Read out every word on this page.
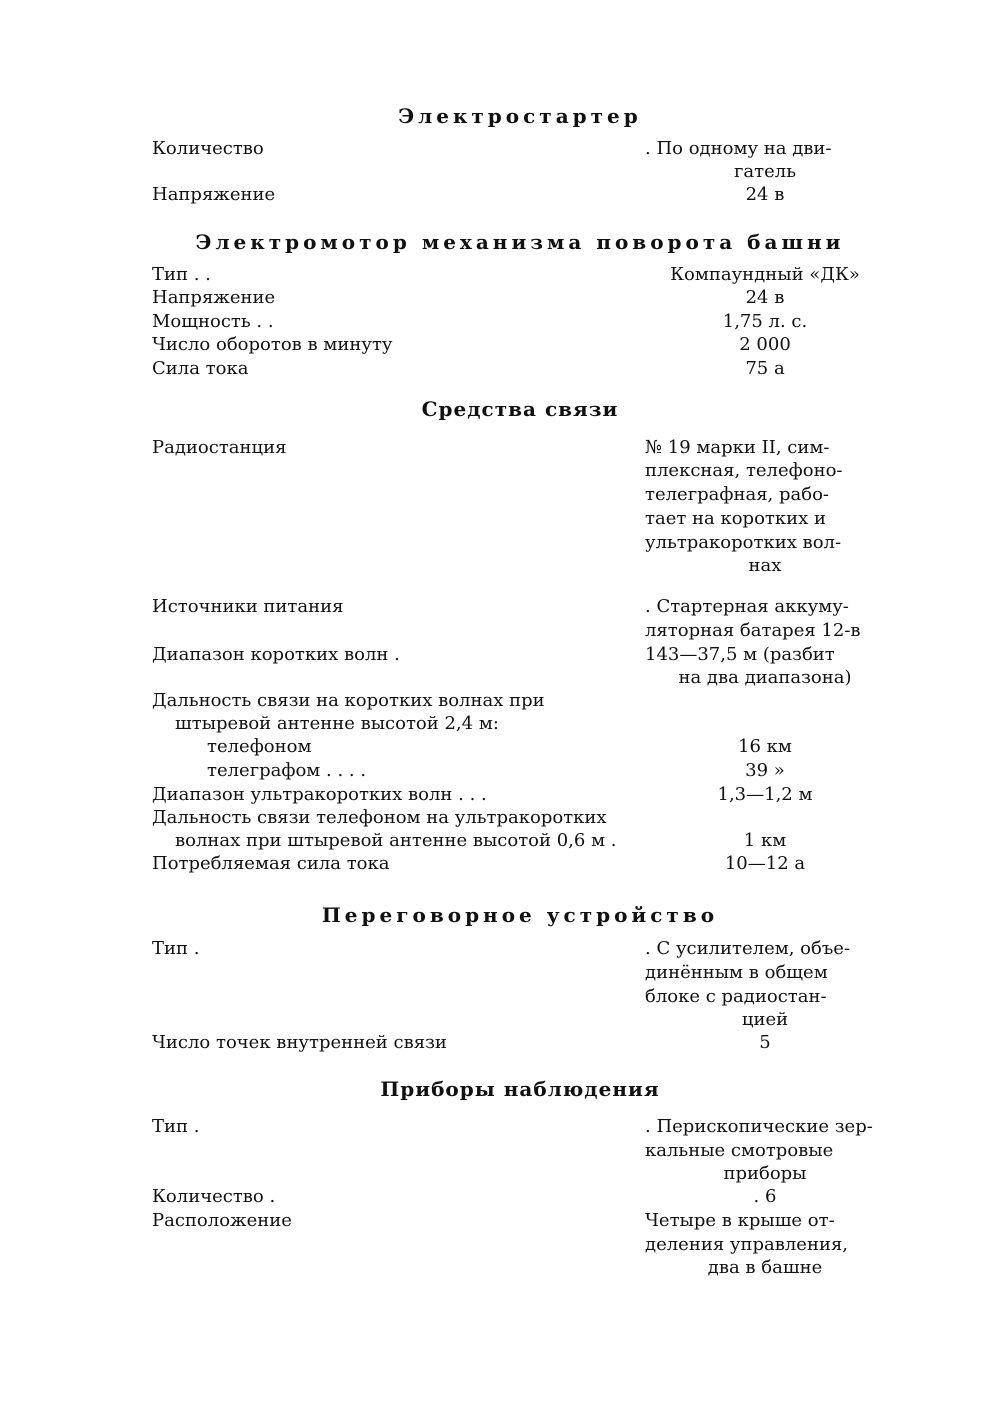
Электростартер
Количество	. По одному на дви-
гатель
Напряжение	24 в
Электромотор механизма поворота башни
Тип . .	Компаундный «ДК»
Напряжение	24 в
Мощность . .	1,75 л. с.
Число оборотов в минуту	2 000
Сила тока	75 а
Средства связи
Радиостанция	№ 19 марки II, сим-
плексная, телефоно-
телеграфная, рабо-
тает на коротких и
ультракоротких вол-
нах
Источники питания	. Стартерная аккуму-
ляторная батарея 12-в
Диапазон коротких волн .	143—37,5 м (разбит
на два диапазона)
Дальность связи на коротких волнах при
штыревой антенне высотой 2,4 м:
телефоном	16 км
телеграфом . . . .	39 »
Диапазон ультракоротких волн . . .	1,3—1,2 м
Дальность связи телефоном на ультракоротких
волнах при штыревой антенне высотой 0,6 м .	1 км
Потребляемая сила тока	10—12 а
Переговорное устройство
Тип .	. С усилителем, объе-
динённым в общем
блоке с радиостан-
цией
Число точек внутренней связи	5
Приборы наблюдения
Тип .	. Перископические зер-
кальные смотровые
приборы
Количество .	. 6
Расположение	Четыре в крыше от-
деления управления,
два в башне
